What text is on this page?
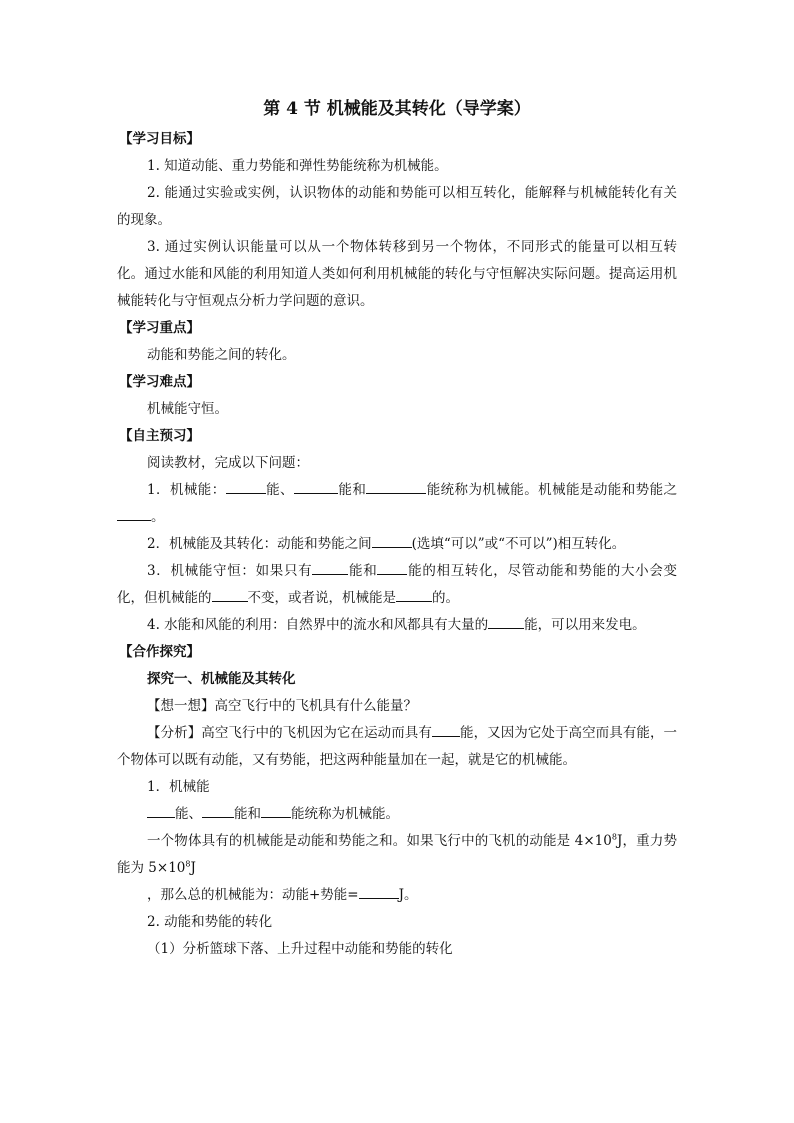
第 4 节 机械能及其转化（导学案）
【学习目标】
1. 知道动能、重力势能和弹性势能统称为机械能。
2. 能通过实验或实例，认识物体的动能和势能可以相互转化，能解释与机械能转化有关的现象。
3. 通过实例认识能量可以从一个物体转移到另一个物体，不同形式的能量可以相互转化。通过水能和风能的利用知道人类如何利用机械能的转化与守恒解决实际问题。提高运用机械能转化与守恒观点分析力学问题的意识。
【学习重点】
动能和势能之间的转化。
【学习难点】
机械能守恒。
【自主预习】
阅读教材，完成以下问题：
1．机械能：	能、	能和	能统称为机械能。机械能是动能和势能之。
2．机械能及其转化：动能和势能之间	(选填“可以”或“不可以”)相互转化。
3．机械能守恒：如果只有	能和 能的相互转化，尽管动能和势能的大小会变化，但机械能的	不变，或者说，机械能是	的。
4. 水能和风能的利用：自然界中的流水和风都具有大量的	能，可以用来发电。
【合作探究】
探究一、机械能及其转化
【想一想】高空飞行中的飞机具有什么能量？
【分析】高空飞行中的飞机因为它在运动而具有 能，又因为它处于高空而具有能，一个物体可以既有动能，又有势能，把这两种能量加在一起，就是它的机械能。
1．机械能
能、 能和 能统称为机械能。
一个物体具有的机械能是动能和势能之和。如果飞行中的飞机的动能是 $4\times 10^8J$，重力势能为 $5\times 10^8J$
，那么总的机械能为：动能+势能=	J。
2. 动能和势能的转化
（1）分析篮球下落、上升过程中动能和势能的转化
